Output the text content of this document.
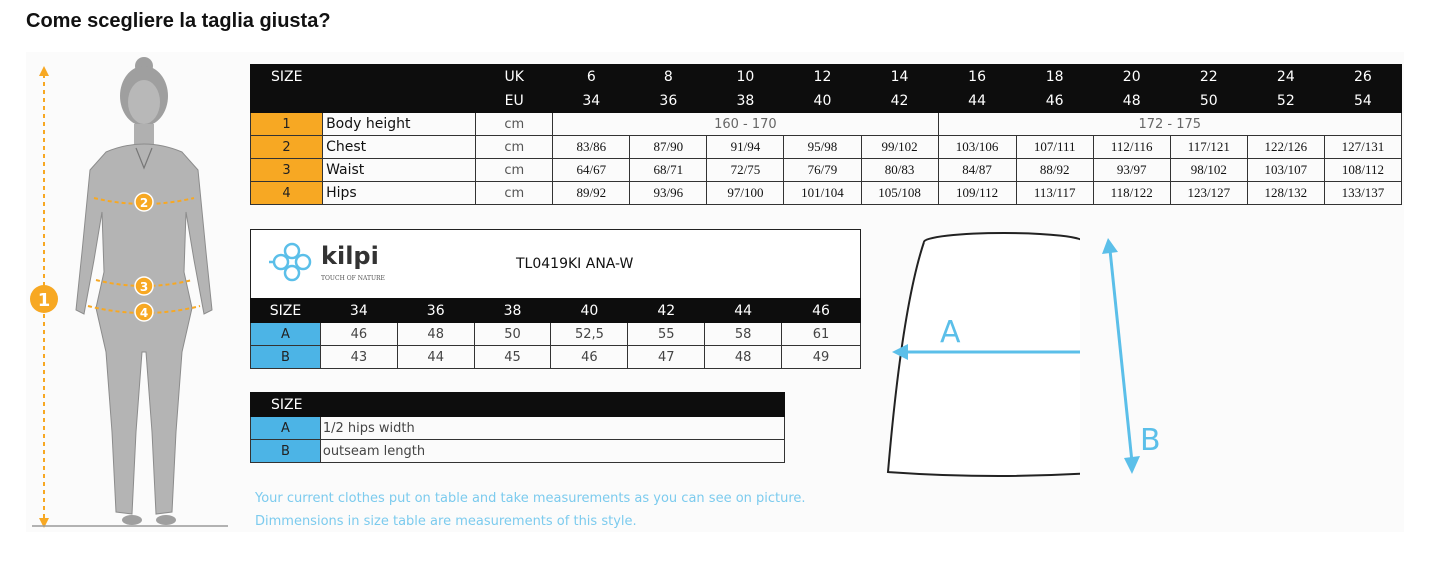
Come scegliere la taglia giusta?
1
2
3
4
SIZE		UK	6	8	10	12	14	16	18	20	22	24	26
		EU	34	36	38	40	42	44	46	48	50	52	54
1	Body height	cm	160 - 170					172 - 175					
2	Chest	cm	83/86	87/90	91/94	95/98	99/102	103/106	107/111	112/116	117/121	122/126	127/131
3	Waist	cm	64/67	68/71	72/75	76/79	80/83	84/87	88/92	93/97	98/102	103/107	108/112
4	Hips	cm	89/92	93/96	97/100	101/104	105/108	109/112	113/117	118/122	123/127	128/132	133/137
kilpi
TOUCH OF NATURE
TL0419KI ANA-W
SIZE	34	36	38	40	42	44	46
A	46	48	50	52,5	55	58	61
B	43	44	45	46	47	48	49
SIZE	
A	1/2 hips width
B	outseam length

Your current clothes put on table and take measurements as you can see on picture.

Dimmensions in size table are measurements of this style.

A
B
